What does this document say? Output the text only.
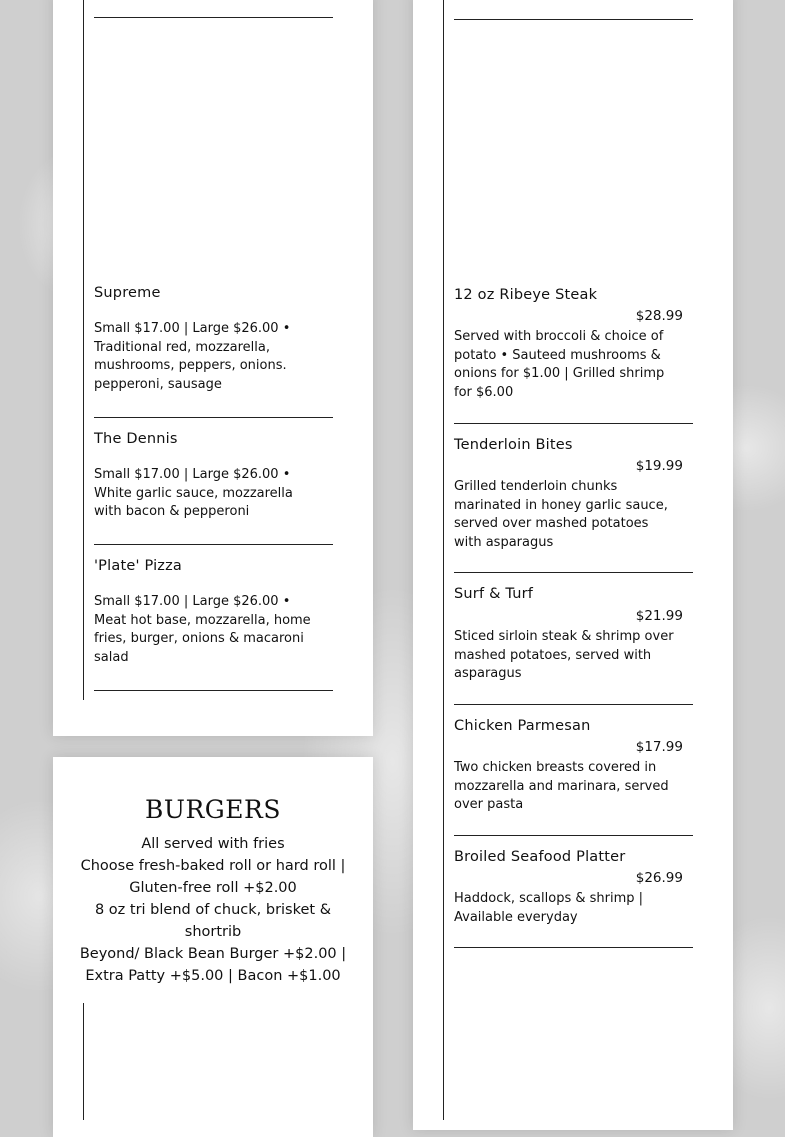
Supreme
Small $17.00 | Large $26.00 • Traditional red, mozzarella, mushrooms, peppers, onions. pepperoni, sausage
The Dennis
Small $17.00 | Large $26.00 • White garlic sauce, mozzarella with bacon & pepperoni
'Plate' Pizza
Small $17.00 | Large $26.00 • Meat hot base, mozzarella, home fries, burger, onions & macaroni salad
BURGERS
All served with fries
Choose fresh-baked roll or hard roll | Gluten-free roll +$2.00
8 oz tri blend of chuck, brisket & shortrib
Beyond/ Black Bean Burger +$2.00 | Extra Patty +$5.00 | Bacon +$1.00
12 oz Ribeye Steak
$28.99
Served with broccoli & choice of potato • Sauteed mushrooms & onions for $1.00 | Grilled shrimp for $6.00
Tenderloin Bites
$19.99
Grilled tenderloin chunks marinated in honey garlic sauce, served over mashed potatoes with asparagus
Surf & Turf
$21.99
Sticed sirloin steak & shrimp over mashed potatoes, served with asparagus
Chicken Parmesan
$17.99
Two chicken breasts covered in mozzarella and marinara, served over pasta
Broiled Seafood Platter
$26.99
Haddock, scallops & shrimp | Available everyday
